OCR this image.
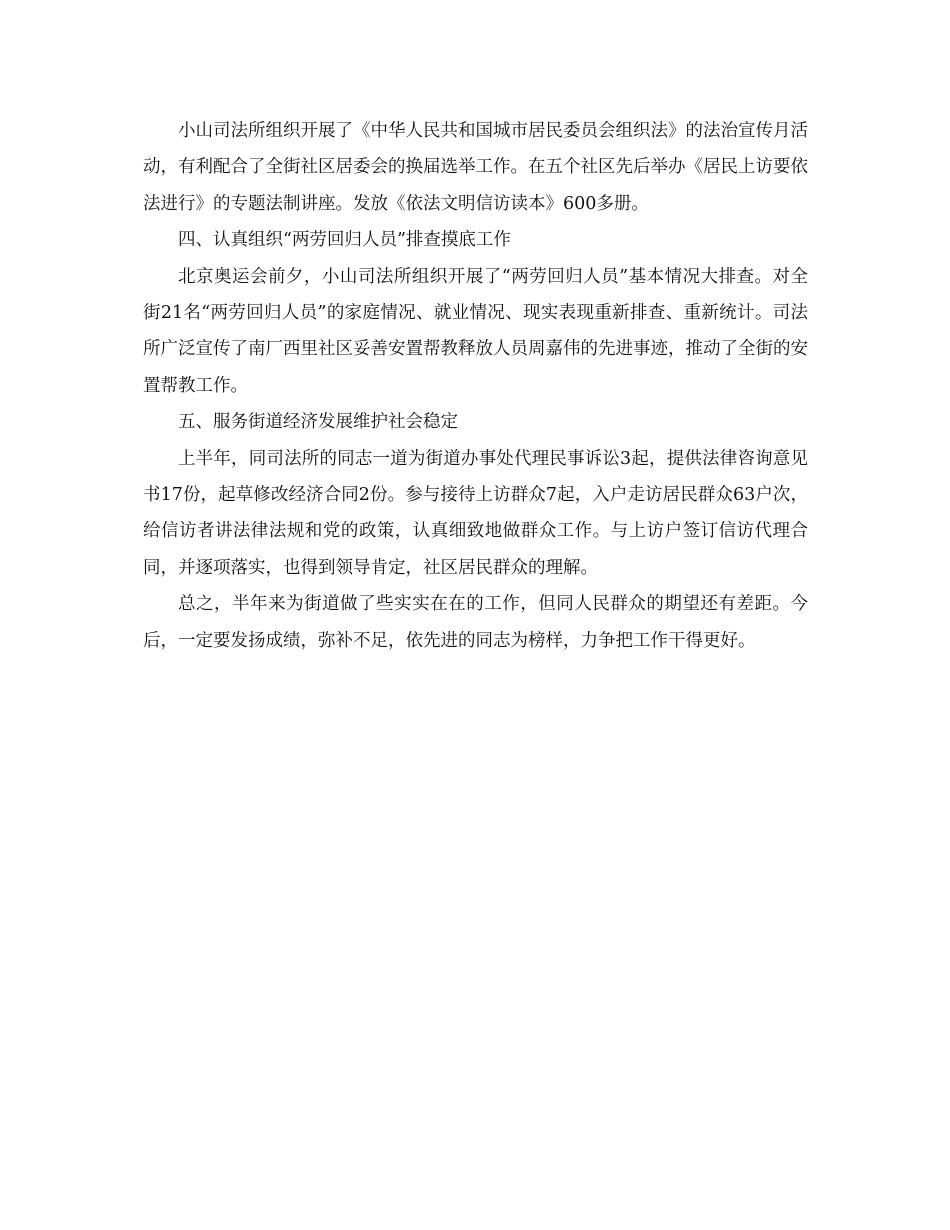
小山司法所组织开展了《中华人民共和国城市居民委员会组织法》的法治宣传月活动，有利配合了全街社区居委会的换届选举工作。在五个社区先后举办《居民上访要依法进行》的专题法制讲座。发放《依法文明信访读本》600多册。

四、认真组织“两劳回归人员”排查摸底工作

北京奥运会前夕，小山司法所组织开展了“两劳回归人员”基本情况大排查。对全街21名“两劳回归人员”的家庭情况、就业情况、现实表现重新排查、重新统计。司法所广泛宣传了南厂西里社区妥善安置帮教释放人员周嘉伟的先进事迹，推动了全街的安置帮教工作。

五、服务街道经济发展维护社会稳定

上半年，同司法所的同志一道为街道办事处代理民事诉讼3起，提供法律咨询意见书17份，起草修改经济合同2份。参与接待上访群众7起，入户走访居民群众63户次，给信访者讲法律法规和党的政策，认真细致地做群众工作。与上访户签订信访代理合同，并逐项落实，也得到领导肯定，社区居民群众的理解。

总之，半年来为街道做了些实实在在的工作，但同人民群众的期望还有差距。今后，一定要发扬成绩，弥补不足，依先进的同志为榜样，力争把工作干得更好。
